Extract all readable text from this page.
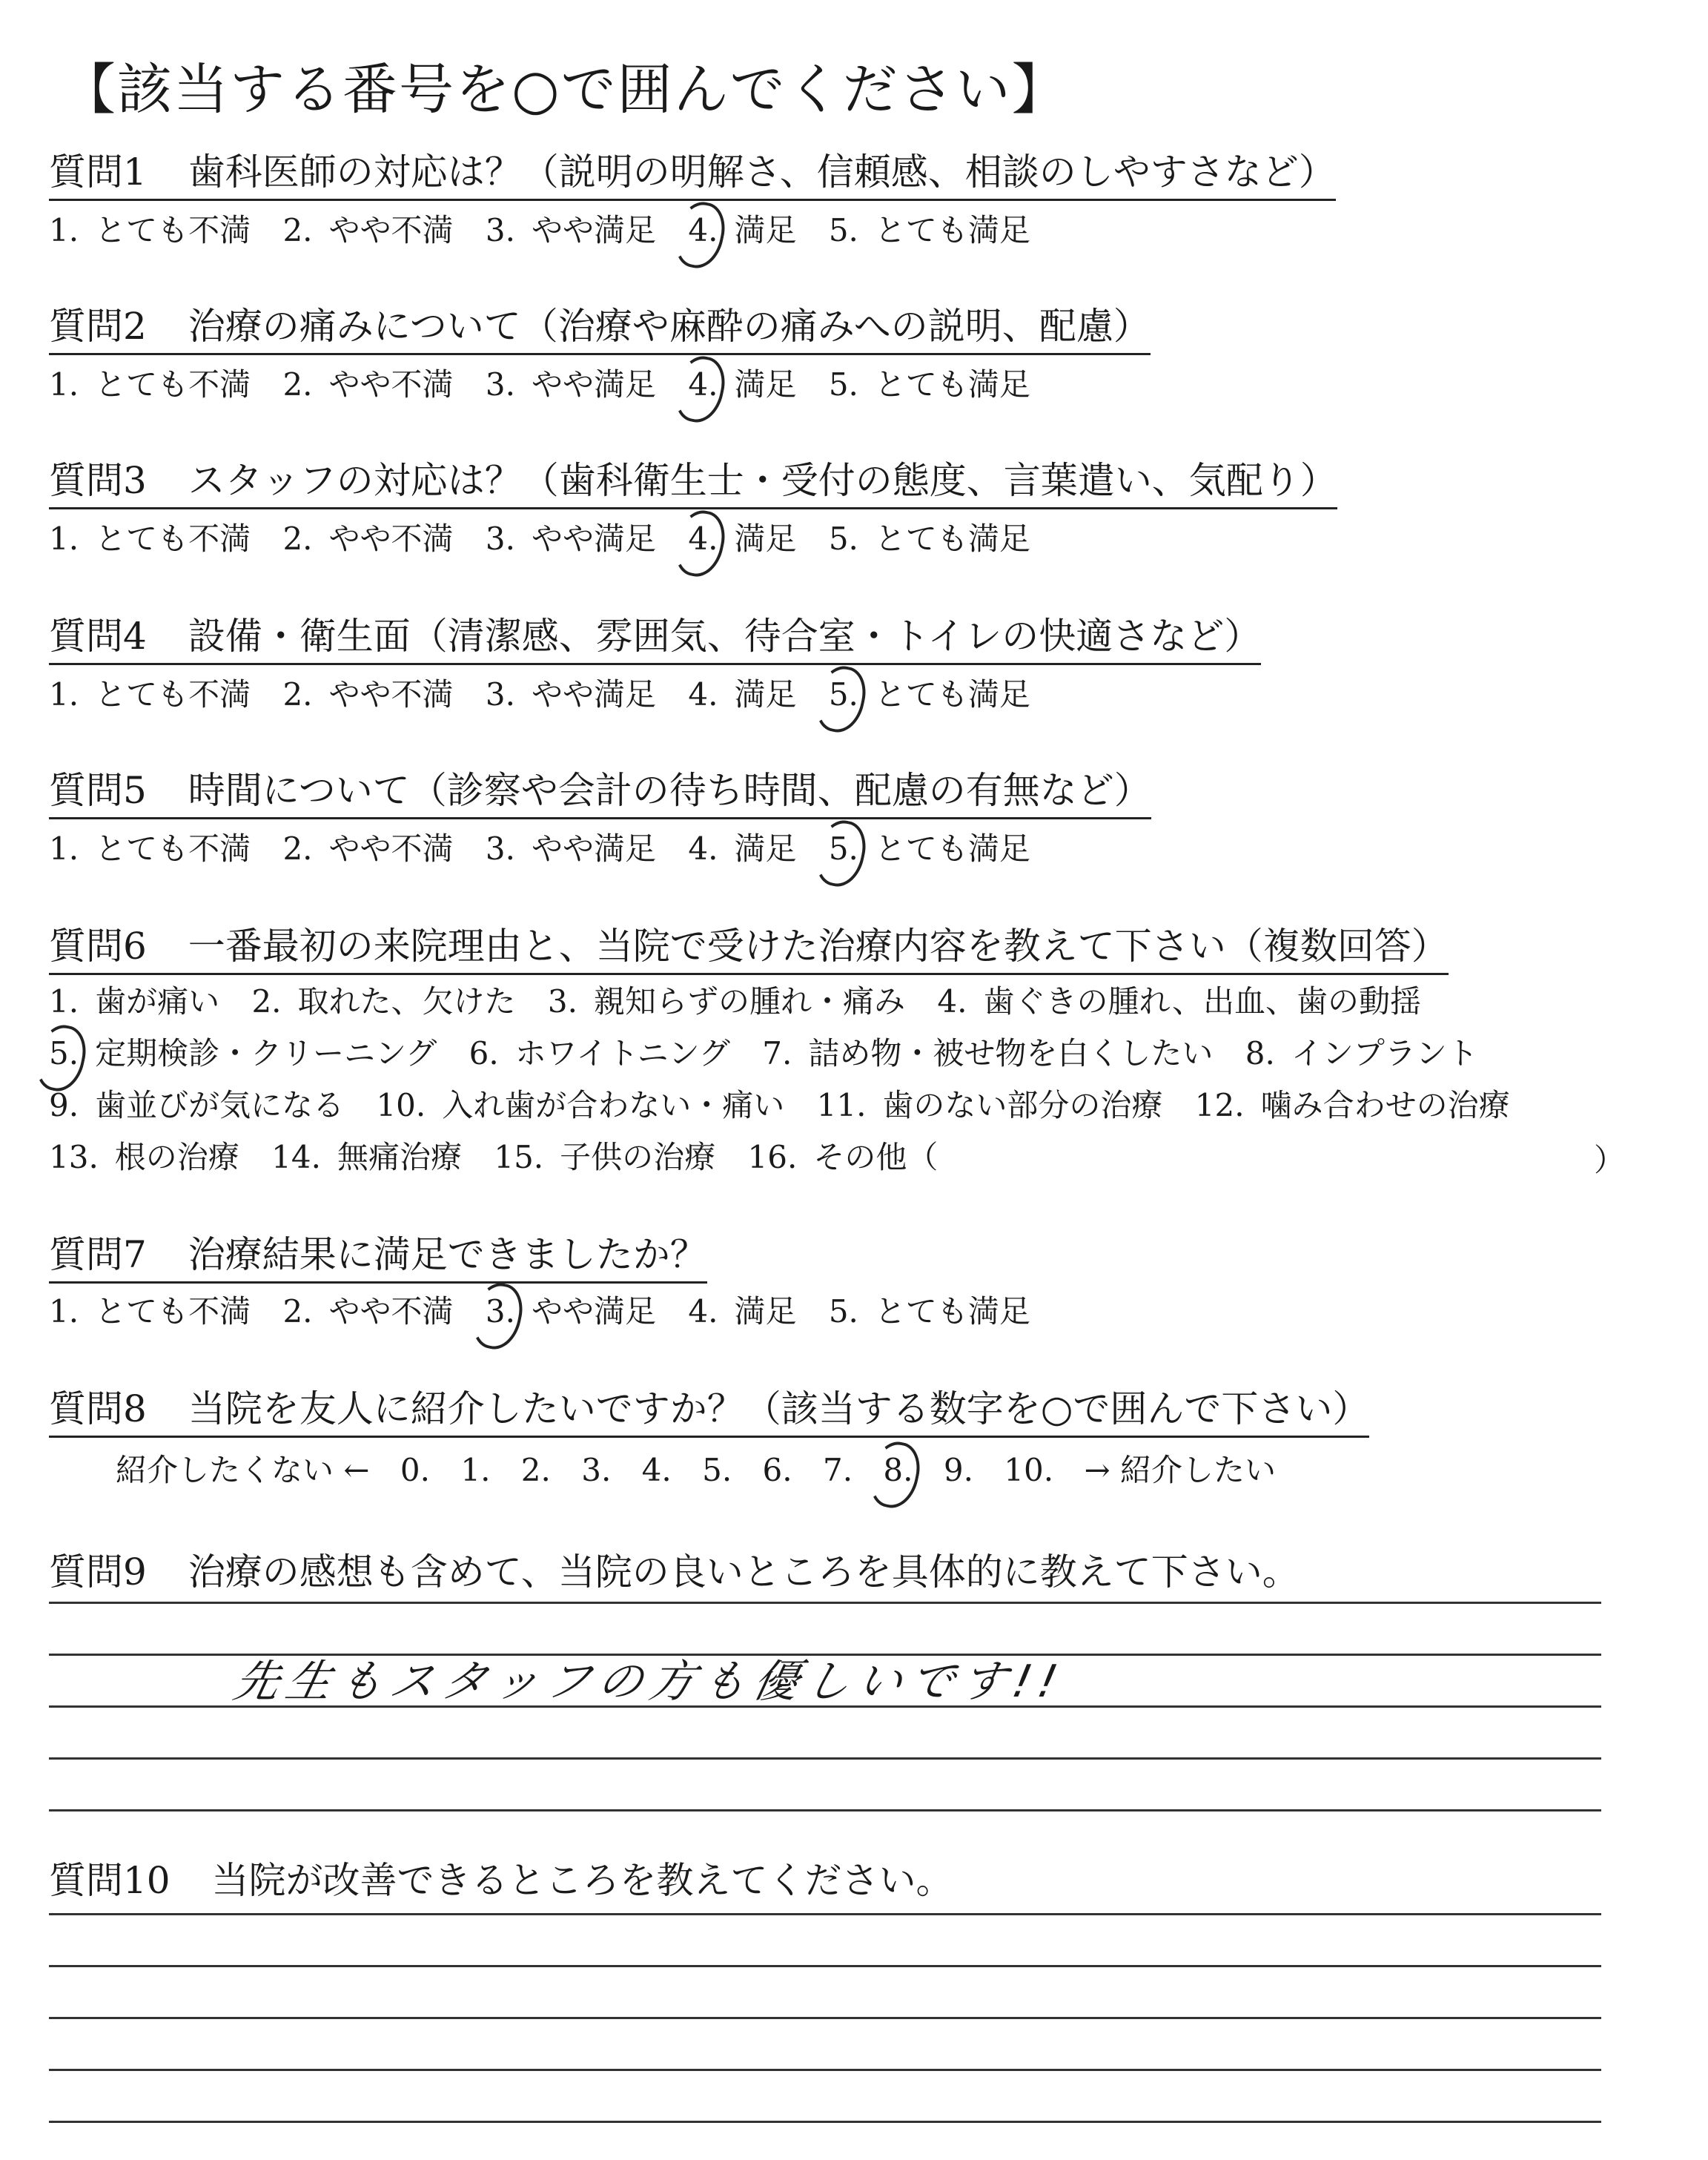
【該当する番号を○で囲んでください】
質問1 歯科医師の対応は？（説明の明解さ、信頼感、相談のしやすさなど）
1. とても不満 2. やや不満 3. やや満足 4. 満足 5. とても満足
質問2 治療の痛みについて（治療や麻酔の痛みへの説明、配慮）
1. とても不満 2. やや不満 3. やや満足 4. 満足 5. とても満足
質問3 スタッフの対応は？（歯科衛生士・受付の態度、言葉遣い、気配り）
1. とても不満 2. やや不満 3. やや満足 4. 満足 5. とても満足
質問4 設備・衛生面（清潔感、雰囲気、待合室・トイレの快適さなど）
1. とても不満 2. やや不満 3. やや満足 4. 満足 5. とても満足
質問5 時間について（診察や会計の待ち時間、配慮の有無など）
1. とても不満 2. やや不満 3. やや満足 4. 満足 5. とても満足
質問6 一番最初の来院理由と、当院で受けた治療内容を教えて下さい（複数回答）
1. 歯が痛い 2. 取れた、欠けた 3. 親知らずの腫れ・痛み 4. 歯ぐきの腫れ、出血、歯の動揺
5. 定期検診・クリーニング 6. ホワイトニング 7. 詰め物・被せ物を白くしたい 8. インプラント
9. 歯並びが気になる 10. 入れ歯が合わない・痛い 11. 歯のない部分の治療 12. 噛み合わせの治療
13. 根の治療 14. 無痛治療 15. 子供の治療 16. その他（	）
質問7 治療結果に満足できましたか？
1. とても不満 2. やや不満 3. やや満足 4. 満足 5. とても満足
質問8 当院を友人に紹介したいですか？（該当する数字を○で囲んで下さい）
紹介したくない ← 0. 1. 2. 3. 4. 5. 6. 7. 8. 9. 10. → 紹介したい
質問9 治療の感想も含めて、当院の良いところを具体的に教えて下さい。
先生もスタッフの方も優しいです!!
質問10 当院が改善できるところを教えてください。
